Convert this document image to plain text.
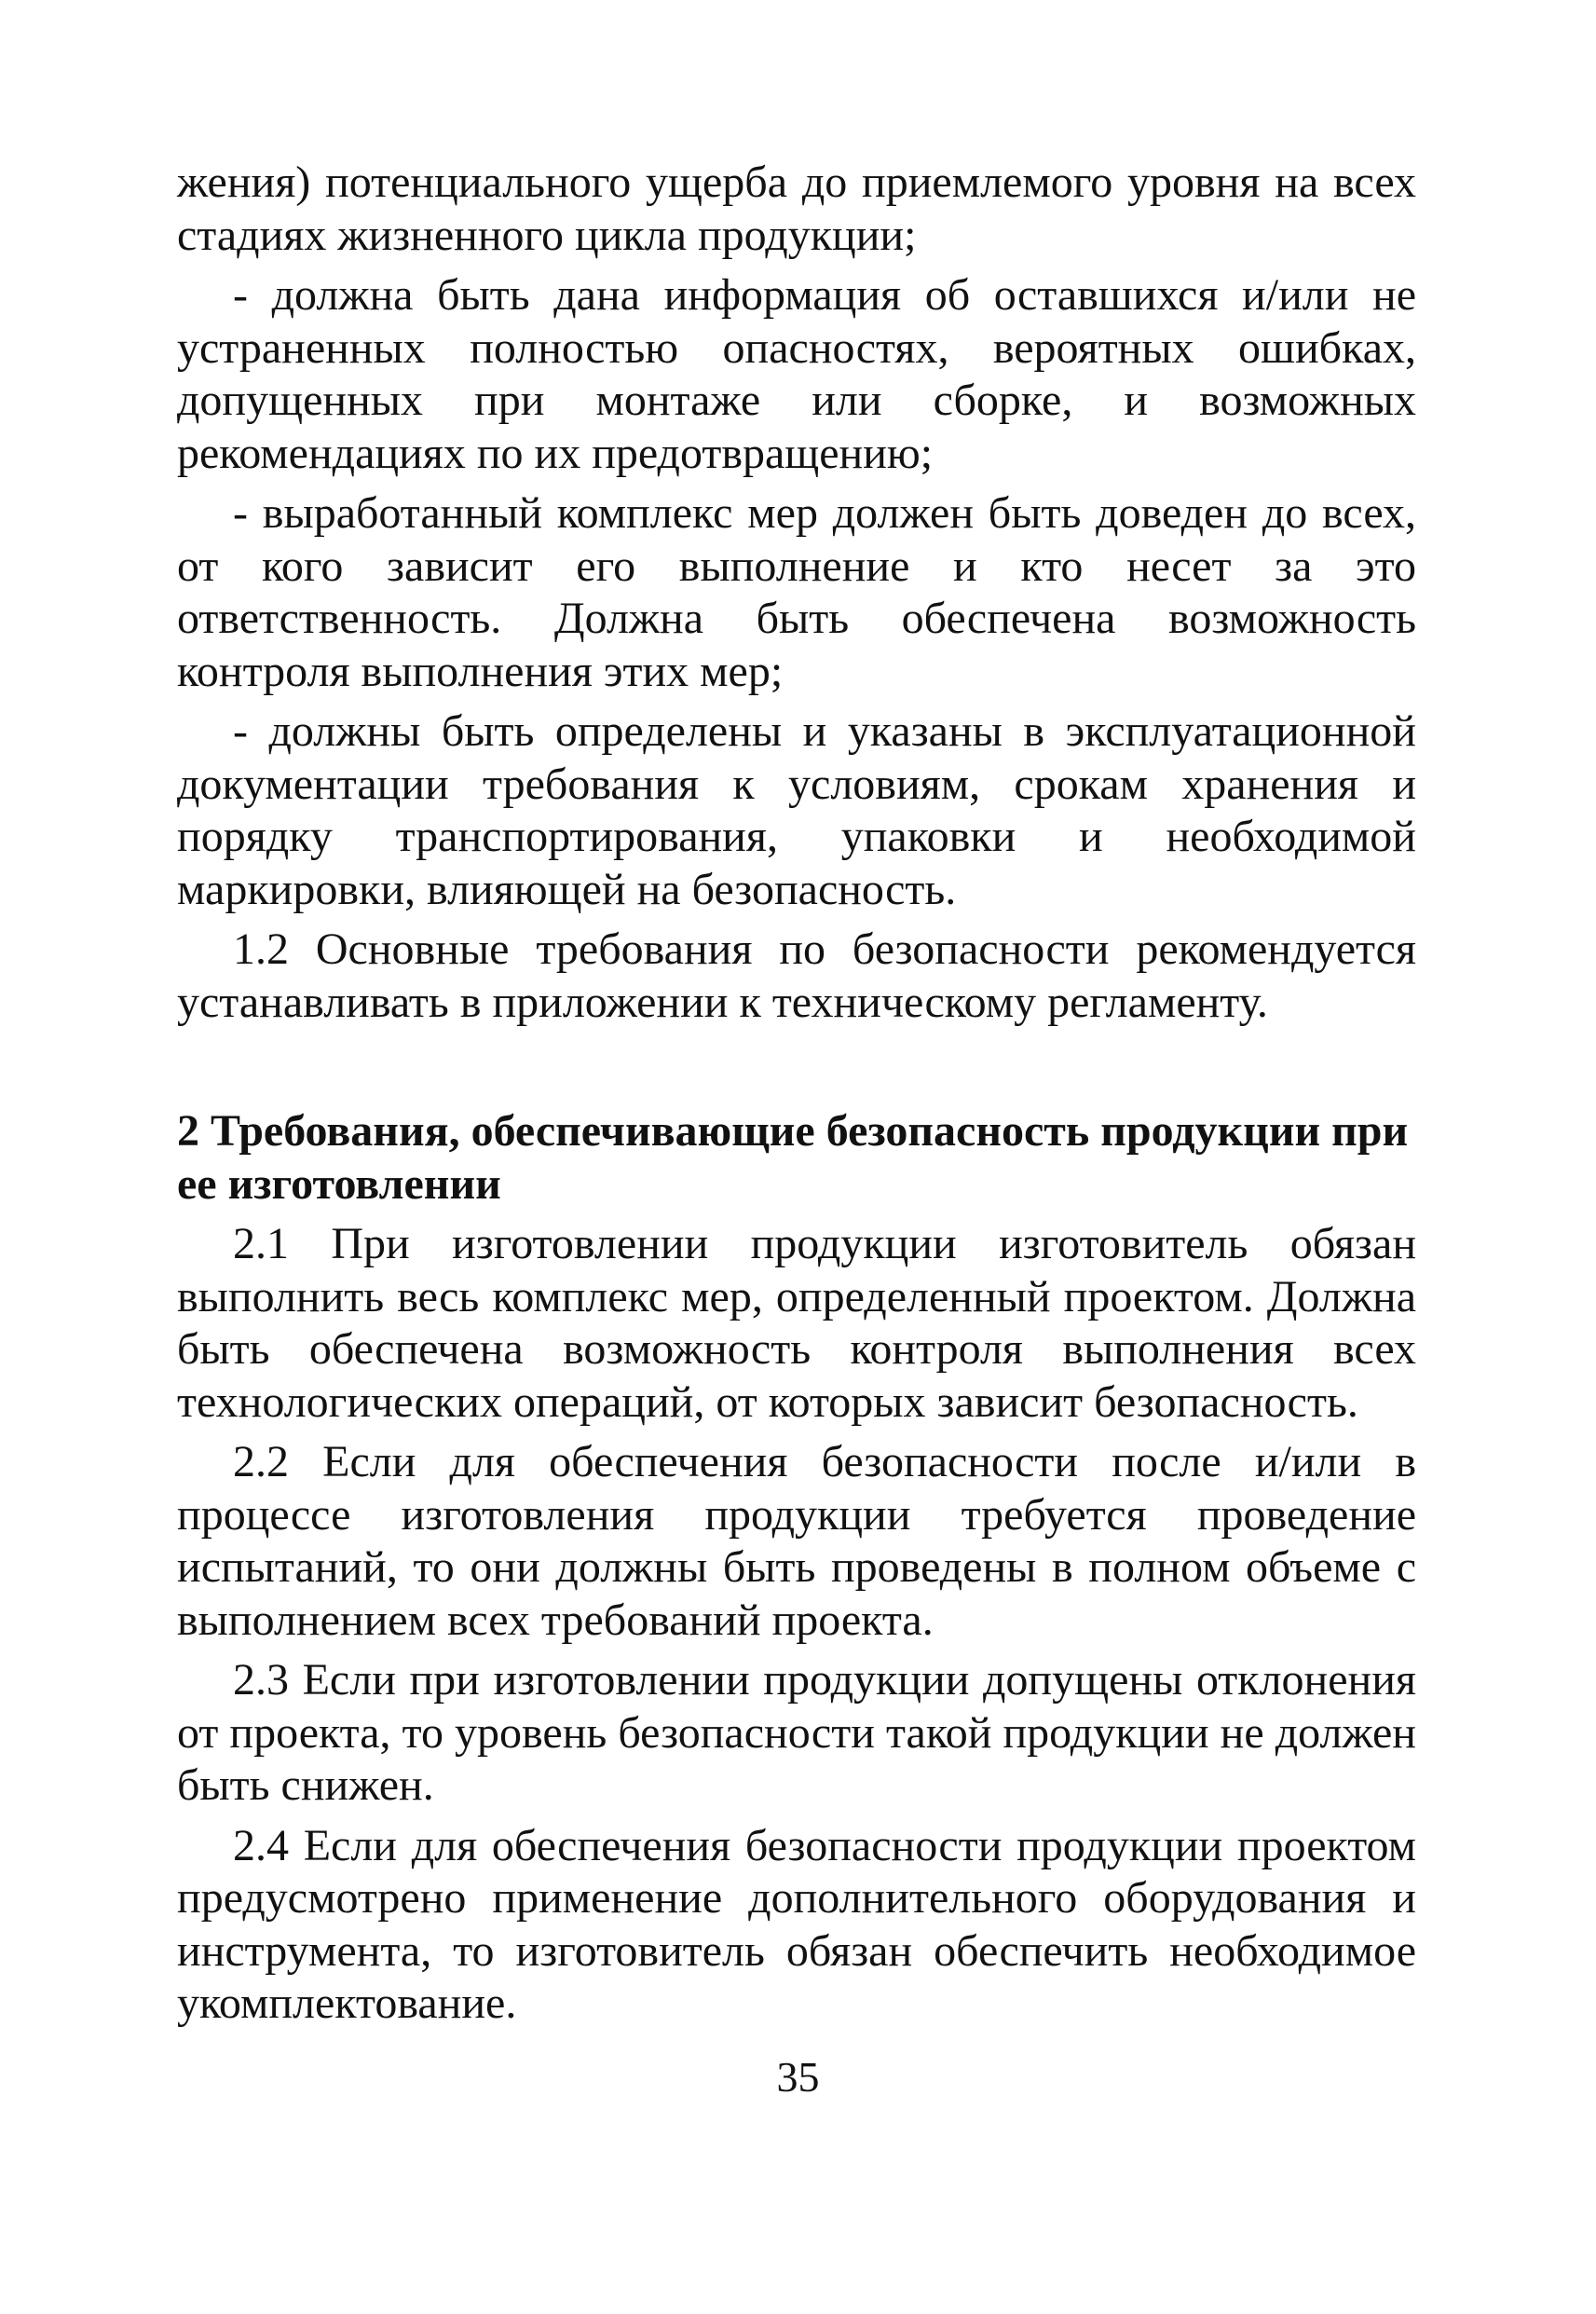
жения) потенциального ущерба до приемлемого уровня на всех стадиях жизненного цикла продукции;

- должна быть дана информация об оставшихся и/или не устраненных полностью опасностях, вероятных ошибках, допущенных при монтаже или сборке, и возможных рекомендациях по их предотвращению;

- выработанный комплекс мер должен быть доведен до всех, от кого зависит его выполнение и кто несет за это ответственность. Должна быть обеспечена возможность контроля выполнения этих мер;

- должны быть определены и указаны в эксплуатационной документации требования к условиям, срокам хранения и порядку транспортирования, упаковки и необходимой маркировки, влияющей на безопасность.

1.2 Основные требования по безопасности рекомендуется устанавливать в приложении к техническому регламенту.

2 Требования, обеспечивающие безопасность продукции при ее изготовлении

2.1 При изготовлении продукции изготовитель обязан выполнить весь комплекс мер, определенный проектом. Должна быть обеспечена возможность контроля выполнения всех технологических операций, от которых зависит безопасность.

2.2 Если для обеспечения безопасности после и/или в процессе изготовления продукции требуется проведение испытаний, то они должны быть проведены в полном объеме с выполнением всех требований проекта.

2.3 Если при изготовлении продукции допущены отклонения от проекта, то уровень безопасности такой продукции не должен быть снижен.

2.4 Если для обеспечения безопасности продукции проектом предусмотрено применение дополнительного оборудования и инструмента, то изготовитель обязан обеспечить необходимое укомплектование.

35
